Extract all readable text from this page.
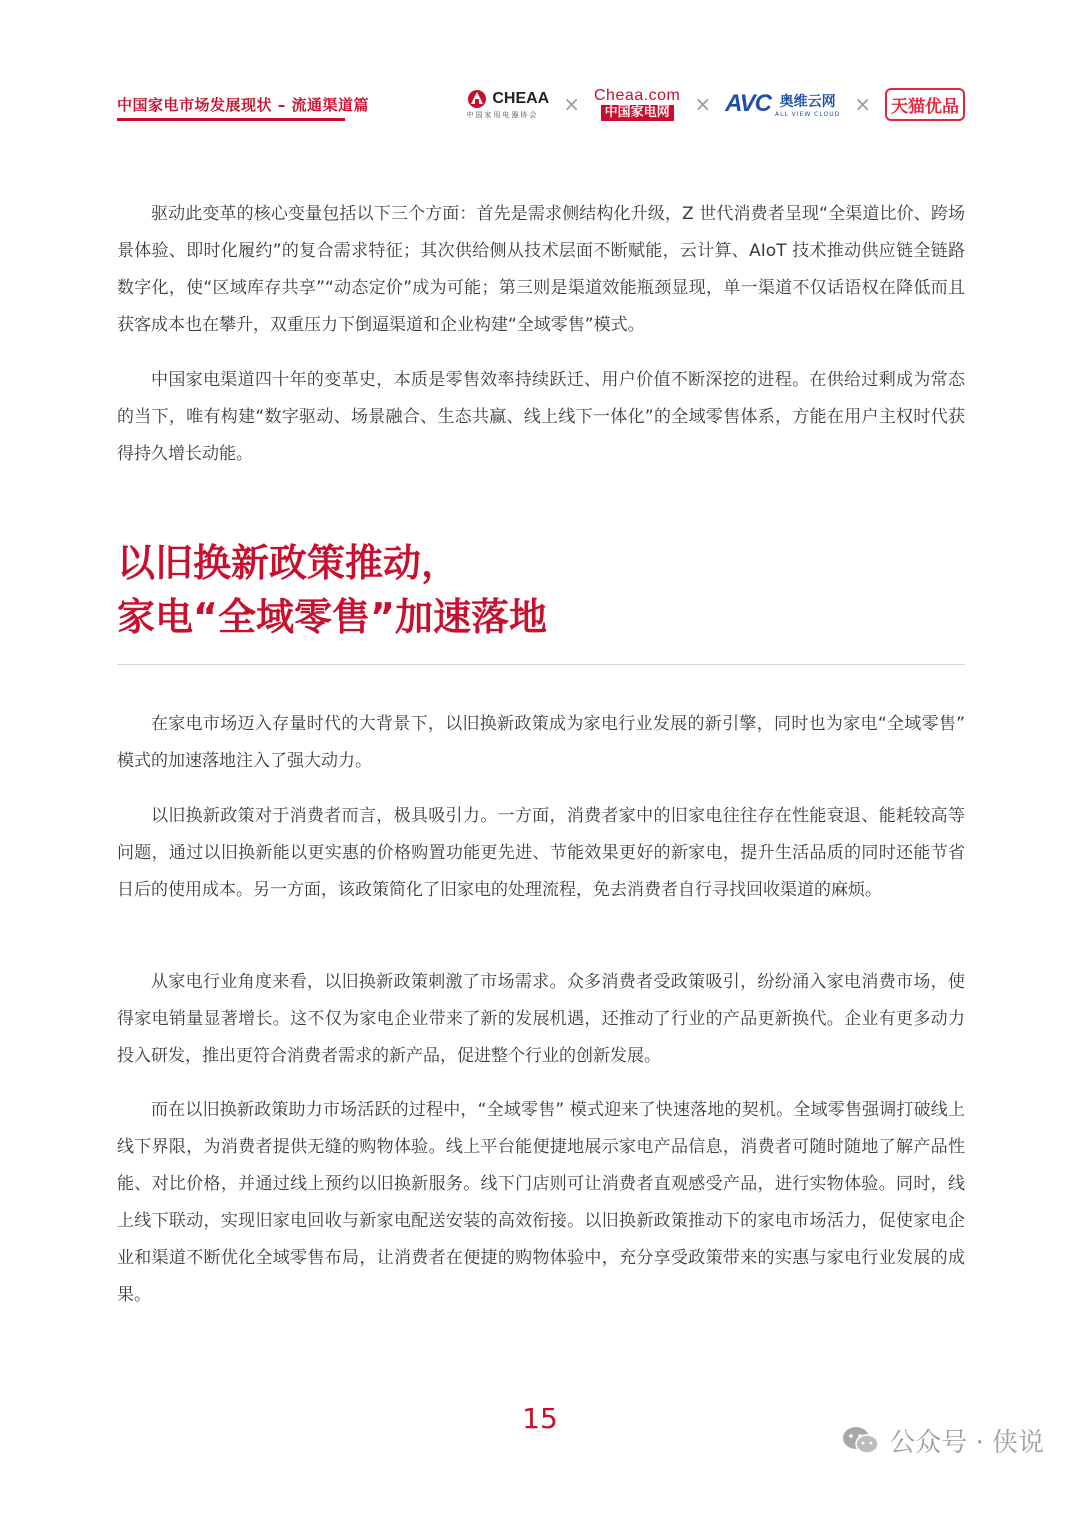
中国家电市场发展现状 – 流通渠道篇	CHEAA
中国家用电器协会 × Cheaa.com
中国家电网 × AVC 奥维云网
ALL VIEW CLOUD × 天猫优品

驱动此变革的核心变量包括以下三个方面：首先是需求侧结构化升级，Z 世代消费者呈现“全渠道比价、跨场景体验、即时化履约”的复合需求特征；其次供给侧从技术层面不断赋能，云计算、AIoT 技术推动供应链全链路数字化，使“区域库存共享”“动态定价”成为可能；第三则是渠道效能瓶颈显现，单一渠道不仅话语权在降低而且获客成本也在攀升，双重压力下倒逼渠道和企业构建“全域零售”模式。

中国家电渠道四十年的变革史，本质是零售效率持续跃迁、用户价值不断深挖的进程。在供给过剩成为常态的当下，唯有构建“数字驱动、场景融合、生态共赢、线上线下一体化”的全域零售体系，方能在用户主权时代获得持久增长动能。

以旧换新政策推动，
家电“全域零售”加速落地

在家电市场迈入存量时代的大背景下，以旧换新政策成为家电行业发展的新引擎，同时也为家电“全域零售” 模式的加速落地注入了强大动力。

以旧换新政策对于消费者而言，极具吸引力。一方面，消费者家中的旧家电往往存在性能衰退、能耗较高等问题，通过以旧换新能以更实惠的价格购置功能更先进、节能效果更好的新家电，提升生活品质的同时还能节省日后的使用成本。另一方面，该政策简化了旧家电的处理流程，免去消费者自行寻找回收渠道的麻烦。

从家电行业角度来看，以旧换新政策刺激了市场需求。众多消费者受政策吸引，纷纷涌入家电消费市场，使得家电销量显著增长。这不仅为家电企业带来了新的发展机遇，还推动了行业的产品更新换代。企业有更多动力投入研发，推出更符合消费者需求的新产品，促进整个行业的创新发展。

而在以旧换新政策助力市场活跃的过程中，“全域零售” 模式迎来了快速落地的契机。全域零售强调打破线上线下界限，为消费者提供无缝的购物体验。线上平台能便捷地展示家电产品信息，消费者可随时随地了解产品性能、对比价格，并通过线上预约以旧换新服务。线下门店则可让消费者直观感受产品，进行实物体验。同时，线上线下联动，实现旧家电回收与新家电配送安装的高效衔接。以旧换新政策推动下的家电市场活力，促使家电企业和渠道不断优化全域零售布局，让消费者在便捷的购物体验中，充分享受政策带来的实惠与家电行业发展的成果。

15
公众号 · 侠说
